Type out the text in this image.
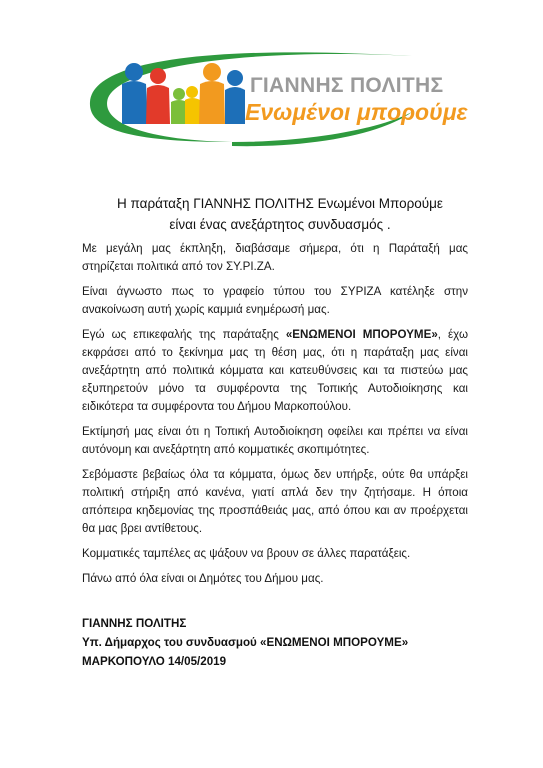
ΓΙΑΝΝΗΣ ΠΟΛΙΤΗΣ
Ενωμένοι μπορούμε
Η παράταξη ΓΙΑΝΝΗΣ ΠΟΛΙΤΗΣ Ενωμένοι Μπορούμε
είναι ένας ανεξάρτητος συνδυασμός .

Με μεγάλη μας έκπληξη, διαβάσαμε σήμερα, ότι η Παράταξή μας στηρίζεται πολιτικά από τον ΣΥ.ΡΙ.ΖΑ.

Είναι άγνωστο πως το γραφείο τύπου του ΣΥΡΙΖΑ κατέληξε στην ανακοίνωση αυτή χωρίς καμμιά ενημέρωσή μας.

Εγώ ως επικεφαλής της παράταξης «ΕΝΩΜΕΝΟΙ ΜΠΟΡΟΥΜΕ», έχω εκφράσει από το ξεκίνημα μας τη θέση μας, ότι η παράταξη μας είναι ανεξάρτητη από πολιτικά κόμματα και κατευθύνσεις και τα πιστεύω μας εξυπηρετούν μόνο τα συμφέροντα της Τοπικής Αυτοδιοίκησης και ειδικότερα τα συμφέροντα του Δήμου Μαρκοπούλου.

Εκτίμησή μας είναι ότι η Τοπική Αυτοδιοίκηση οφείλει και πρέπει να είναι αυτόνομη και ανεξάρτητη από κομματικές σκοπιμότητες.

Σεβόμαστε βεβαίως όλα τα κόμματα, όμως δεν υπήρξε, ούτε θα υπάρξει πολιτική στήριξη από κανένα, γιατί απλά δεν την ζητήσαμε. Η όποια απόπειρα κηδεμονίας της προσπάθειάς μας, από όπου και αν προέρχεται θα μας βρει αντίθετους.

Κομματικές ταμπέλες ας ψάξουν να βρουν σε άλλες παρατάξεις.

Πάνω από όλα είναι οι Δημότες του Δήμου μας.

ΓΙΑΝΝΗΣ ΠΟΛΙΤΗΣ
Υπ. Δήμαρχος του συνδυασμού «ΕΝΩΜΕΝΟΙ ΜΠΟΡΟΥΜΕ»
ΜΑΡΚΟΠΟΥΛΟ 14/05/2019
